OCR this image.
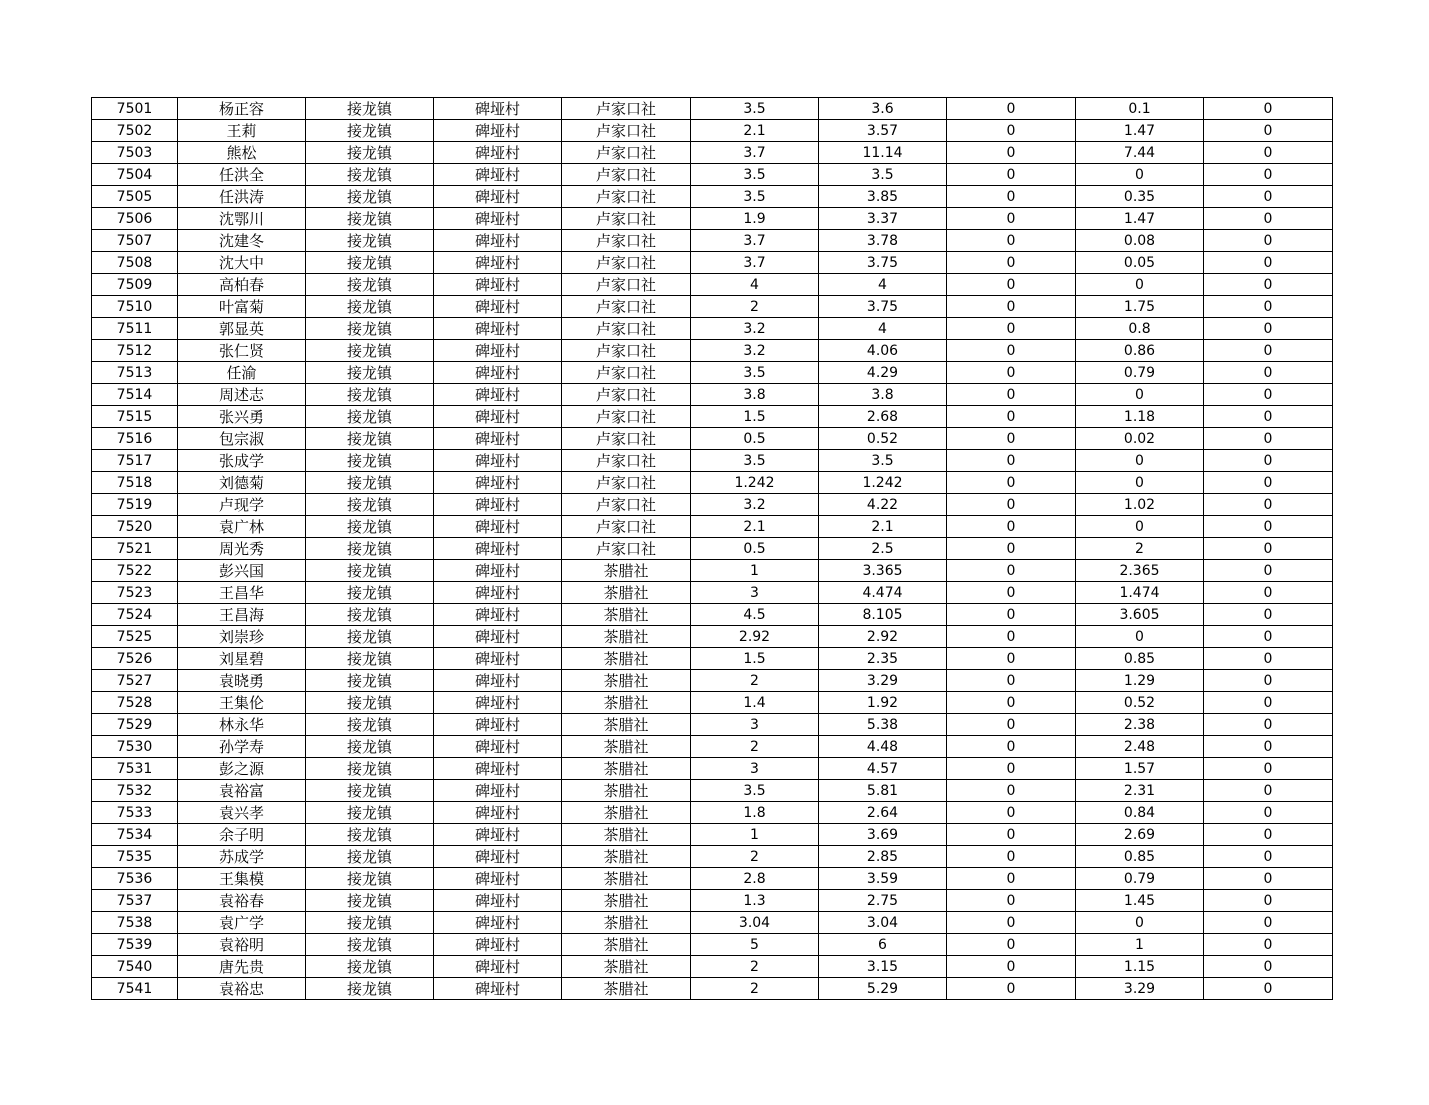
7501	杨正容	接龙镇	碑垭村	卢家口社	3.5	3.6	0	0.1	0
7502	王莉	接龙镇	碑垭村	卢家口社	2.1	3.57	0	1.47	0
7503	熊松	接龙镇	碑垭村	卢家口社	3.7	11.14	0	7.44	0
7504	任洪全	接龙镇	碑垭村	卢家口社	3.5	3.5	0	0	0
7505	任洪涛	接龙镇	碑垭村	卢家口社	3.5	3.85	0	0.35	0
7506	沈鄂川	接龙镇	碑垭村	卢家口社	1.9	3.37	0	1.47	0
7507	沈建冬	接龙镇	碑垭村	卢家口社	3.7	3.78	0	0.08	0
7508	沈大中	接龙镇	碑垭村	卢家口社	3.7	3.75	0	0.05	0
7509	高柏春	接龙镇	碑垭村	卢家口社	4	4	0	0	0
7510	叶富菊	接龙镇	碑垭村	卢家口社	2	3.75	0	1.75	0
7511	郭显英	接龙镇	碑垭村	卢家口社	3.2	4	0	0.8	0
7512	张仁贤	接龙镇	碑垭村	卢家口社	3.2	4.06	0	0.86	0
7513	任渝	接龙镇	碑垭村	卢家口社	3.5	4.29	0	0.79	0
7514	周述志	接龙镇	碑垭村	卢家口社	3.8	3.8	0	0	0
7515	张兴勇	接龙镇	碑垭村	卢家口社	1.5	2.68	0	1.18	0
7516	包宗淑	接龙镇	碑垭村	卢家口社	0.5	0.52	0	0.02	0
7517	张成学	接龙镇	碑垭村	卢家口社	3.5	3.5	0	0	0
7518	刘德菊	接龙镇	碑垭村	卢家口社	1.242	1.242	0	0	0
7519	卢现学	接龙镇	碑垭村	卢家口社	3.2	4.22	0	1.02	0
7520	袁广林	接龙镇	碑垭村	卢家口社	2.1	2.1	0	0	0
7521	周光秀	接龙镇	碑垭村	卢家口社	0.5	2.5	0	2	0
7522	彭兴国	接龙镇	碑垭村	茶腊社	1	3.365	0	2.365	0
7523	王昌华	接龙镇	碑垭村	茶腊社	3	4.474	0	1.474	0
7524	王昌海	接龙镇	碑垭村	茶腊社	4.5	8.105	0	3.605	0
7525	刘崇珍	接龙镇	碑垭村	茶腊社	2.92	2.92	0	0	0
7526	刘星碧	接龙镇	碑垭村	茶腊社	1.5	2.35	0	0.85	0
7527	袁晓勇	接龙镇	碑垭村	茶腊社	2	3.29	0	1.29	0
7528	王集伦	接龙镇	碑垭村	茶腊社	1.4	1.92	0	0.52	0
7529	林永华	接龙镇	碑垭村	茶腊社	3	5.38	0	2.38	0
7530	孙学寿	接龙镇	碑垭村	茶腊社	2	4.48	0	2.48	0
7531	彭之源	接龙镇	碑垭村	茶腊社	3	4.57	0	1.57	0
7532	袁裕富	接龙镇	碑垭村	茶腊社	3.5	5.81	0	2.31	0
7533	袁兴孝	接龙镇	碑垭村	茶腊社	1.8	2.64	0	0.84	0
7534	余子明	接龙镇	碑垭村	茶腊社	1	3.69	0	2.69	0
7535	苏成学	接龙镇	碑垭村	茶腊社	2	2.85	0	0.85	0
7536	王集模	接龙镇	碑垭村	茶腊社	2.8	3.59	0	0.79	0
7537	袁裕春	接龙镇	碑垭村	茶腊社	1.3	2.75	0	1.45	0
7538	袁广学	接龙镇	碑垭村	茶腊社	3.04	3.04	0	0	0
7539	袁裕明	接龙镇	碑垭村	茶腊社	5	6	0	1	0
7540	唐先贵	接龙镇	碑垭村	茶腊社	2	3.15	0	1.15	0
7541	袁裕忠	接龙镇	碑垭村	茶腊社	2	5.29	0	3.29	0
